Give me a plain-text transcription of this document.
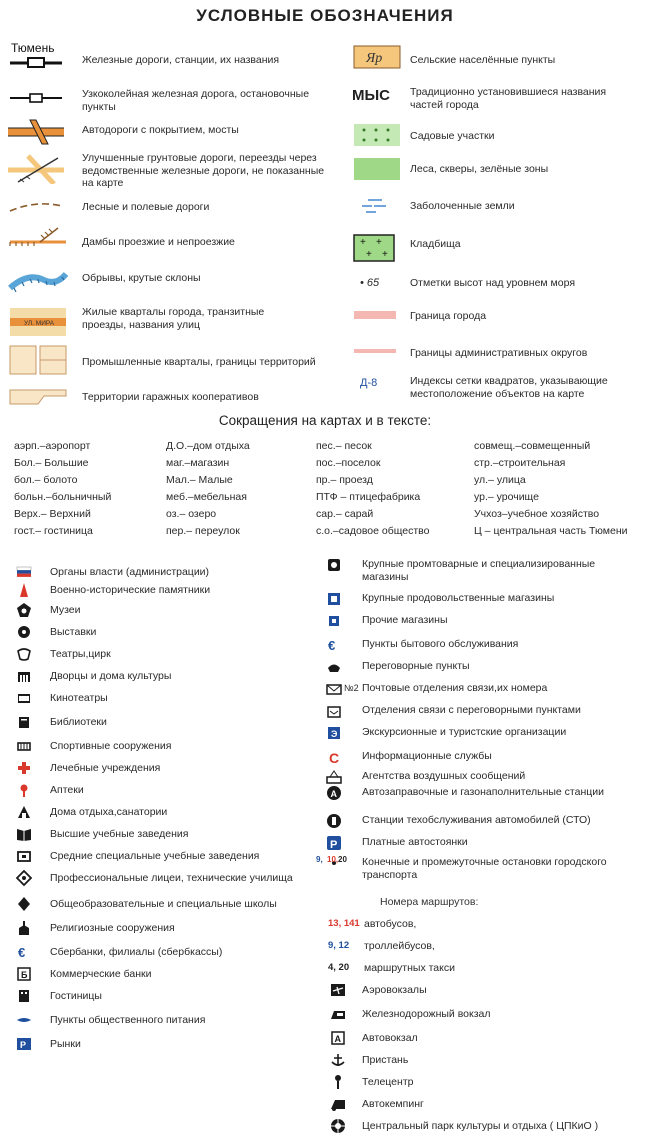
УСЛОВНЫЕ ОБОЗНАЧЕНИЯ
Тюмень
УЛ. МИРА
Железные дороги, станции, их названия
Узкоколейная железная дорога, остановочные пункты
Автодороги с покрытием, мосты
Улучшенные грунтовые дороги, переезды через ведомственные железные дороги, не показанные на карте
Лесные и полевые дороги
Дамбы проезжие и непроезжие
Обрывы, крутые склоны
Жилые кварталы города, транзитные проезды, названия улиц
Промышленные кварталы, границы территорий
Территории гаражных кооперативов
Яр
МЫС
+ +
+ +
• 65
Д-8
Сельские населённые пункты
Традиционно установившиеся названия частей города
Садовые участки
Леса, скверы, зелёные зоны
Заболоченные земли
Кладбища
Отметки высот над уровнем моря
Граница города
Границы административных округов
Индексы сетки квадратов, указывающие местоположение объектов на карте
Сокращения на картах и в тексте:
аэрп.–аэропорт
Бол.– Большие
бол.– болото
больн.–больничный
Верх.– Верхний
гост.– гостиница
Д.О.–дом отдыха
маг.–магазин
Мал.– Малые
меб.–мебельная
оз.– озеро
пер.– переулок
пес.– песок
пос.–поселок
пр.– проезд
ПТФ – птицефабрика
сар.– сарай
с.о.–садовое общество
совмещ.–совмещенный
стр.–строительная
ул.– улица
ур.– урочище
Учхоз–учебное хозяйство
Ц – центральная часть Тюмени
Органы власти (администрации)
Военно-исторические памятники
Музеи
Выставки
Театры,цирк
Дворцы и дома культуры
Кинотеатры
Библиотеки
Спортивные сооружения
Лечебные учреждения
Аптеки
Дома отдыха,санатории
Высшие учебные заведения
Средние специальные учебные заведения
Профессиональные лицеи, технические училища
Общеобразовательные и специальные школы
Религиозные сооружения
€ Сбербанки, филиалы (сбербкассы)
Б Коммерческие банки
Гостиницы
Пункты общественного питания
Р Рынки
Крупные промтоварные и специализированные магазины
Крупные продовольственные магазины
Прочие магазины
€	Пункты бытового обслуживания
Переговорные пункты
№2 Почтовые отделения связи,их номера
Отделения связи с переговорными пунктами
Э Экскурсионные и туристские организации
С Информационные службы
Агентства воздушных сообщений
А Автозаправочные и газонаполнительные станции
Станции техобслуживания автомобилей (СТО)
P Платные автостоянки
Конечные и промежуточные остановки городского транспорта
9, 10, 20
Номера маршрутов:
13, 141 автобусов,
9, 12 троллейбусов,
4, 20 маршрутных такси
Аэровокзалы
Железнодорожный вокзал
А Автовокзал
Пристань
Телецентр
Автокемпинг
Центральный парк культуры и отдыха ( ЦПКиО )
